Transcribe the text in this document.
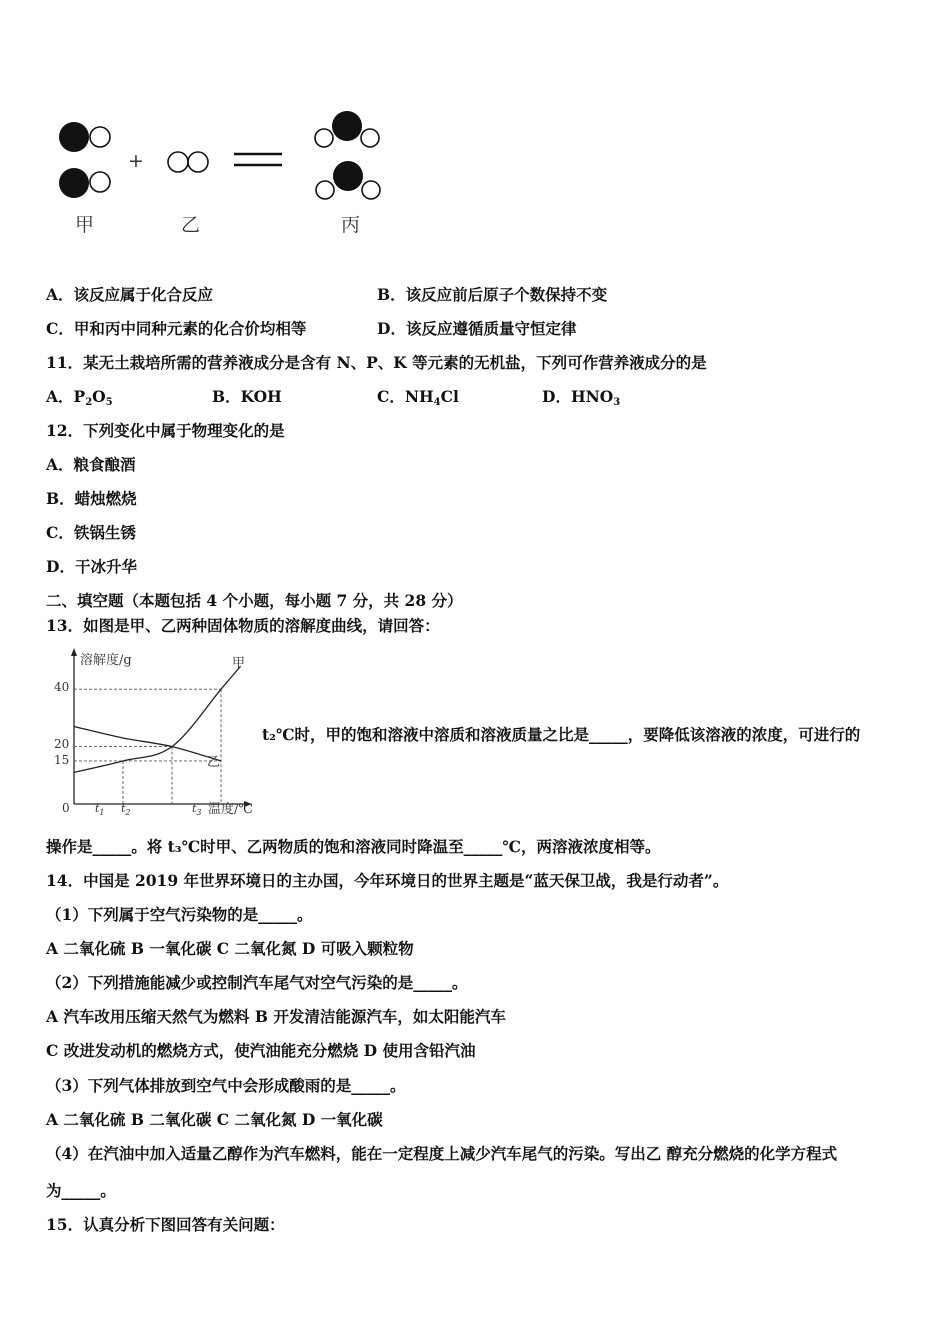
+
甲	乙	丙
A．该反应属于化合反应	B．该反应前后原子个数保持不变
C．甲和丙中同种元素的化合价均相等	D．该反应遵循质量守恒定律
11．某无土栽培所需的营养液成分是含有 N、P、K 等元素的无机盐，下列可作营养液成分的是
A．$P_2O_5$	B．KOH	C．$NH_4Cl$	D．$HNO_3$
12．下列变化中属于物理变化的是
A．粮食酿酒
B．蜡烛燃烧
C．铁锅生锈
D．干冰升华
二、填空题（本题包括 4 个小题，每小题 7 分，共 28 分）
13．如图是甲、乙两种固体物质的溶解度曲线，请回答：
溶解度/g
温度/℃
0
40
20
15
$t_1$ $t_2$	$t_3$
甲
乙
t₂℃时，甲的饱和溶液中溶质和溶液质量之比是_____，要降低该溶液的浓度，可进行的
操作是_____。将 t₃℃时甲、乙两物质的饱和溶液同时降温至_____℃，两溶液浓度相等。
14．中国是 2019 年世界环境日的主办国，今年环境日的世界主题是“蓝天保卫战，我是行动者”。
（1）下列属于空气污染物的是_____。
A 二氧化硫 B 一氧化碳 C 二氧化氮 D 可吸入颗粒物
（2）下列措施能减少或控制汽车尾气对空气污染的是_____。
A 汽车改用压缩天然气为燃料 B 开发清洁能源汽车，如太阳能汽车
C 改进发动机的燃烧方式，使汽油能充分燃烧 D 使用含铅汽油
（3）下列气体排放到空气中会形成酸雨的是_____。
A 二氧化硫 B 二氧化碳 C 二氧化氮 D 一氧化碳
（4）在汽油中加入适量乙醇作为汽车燃料，能在一定程度上减少汽车尾气的污染。写出乙 醇充分燃烧的化学方程式
为_____。
15．认真分析下图回答有关问题：
